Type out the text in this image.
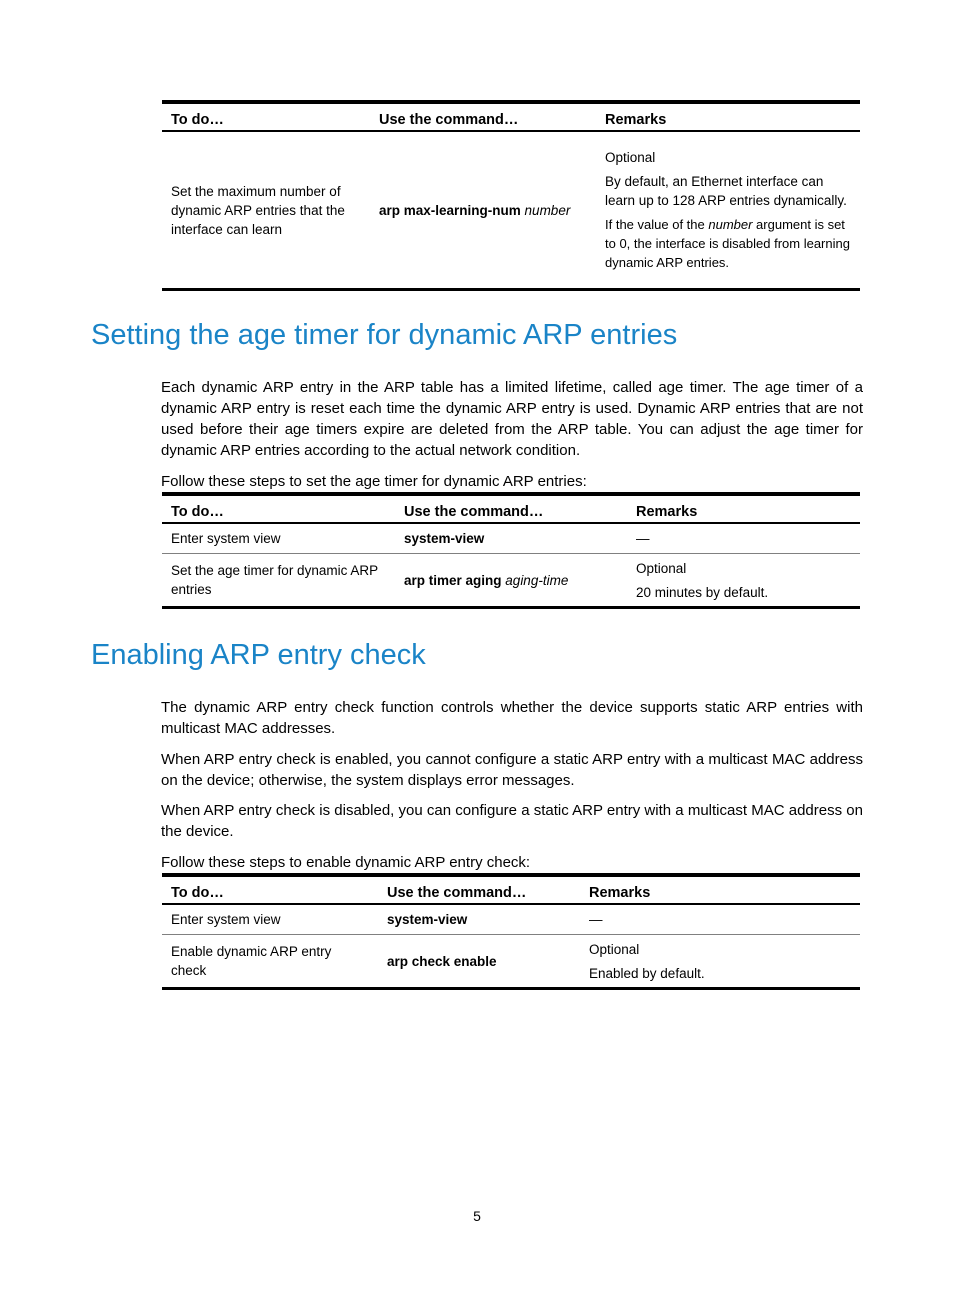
To do…	Use the command…	Remarks
Set the maximum number of dynamic ARP entries that the interface can learn	arp max-learning-num number	Optional

By default, an Ethernet interface can learn up to 128 ARP entries dynamically.

If the value of the number argument is set to 0, the interface is disabled from learning dynamic ARP entries.

Setting the age timer for dynamic ARP entries

Each dynamic ARP entry in the ARP table has a limited lifetime, called age timer. The age timer of a dynamic ARP entry is reset each time the dynamic ARP entry is used. Dynamic ARP entries that are not used before their age timers expire are deleted from the ARP table. You can adjust the age timer for dynamic ARP entries according to the actual network condition.

Follow these steps to set the age timer for dynamic ARP entries:

To do…	Use the command…	Remarks
Enter system view	system-view	—
Set the age timer for dynamic ARP entries	arp timer aging aging-time	Optional

20 minutes by default.

Enabling ARP entry check

The dynamic ARP entry check function controls whether the device supports static ARP entries with multicast MAC addresses.

When ARP entry check is enabled, you cannot configure a static ARP entry with a multicast MAC address on the device; otherwise, the system displays error messages.

When ARP entry check is disabled, you can configure a static ARP entry with a multicast MAC address on the device.

Follow these steps to enable dynamic ARP entry check:

To do…	Use the command…	Remarks
Enter system view	system-view	—
Enable dynamic ARP entry check	arp check enable	Optional

Enabled by default.

5
